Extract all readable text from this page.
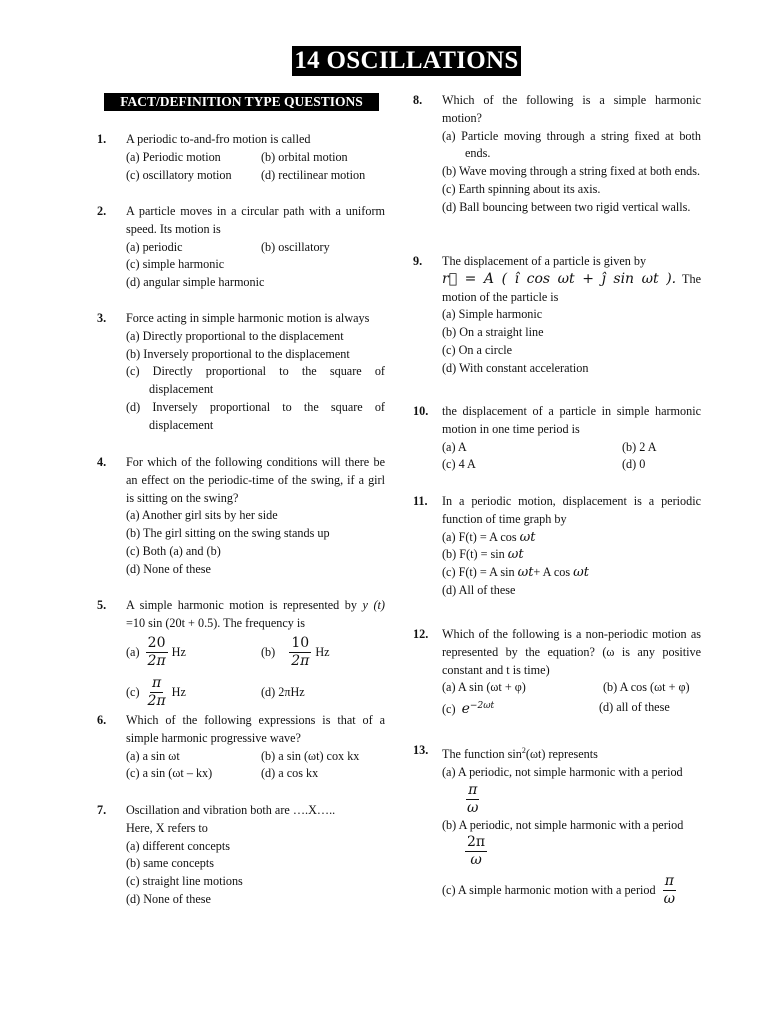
14 OSCILLATIONS
FACT/DEFINITION TYPE QUESTIONS
1. A periodic to-and-fro motion is called
(a) Periodic motion	(b) orbital motion
(c) oscillatory motion	(d) rectilinear motion
2. A particle moves in a circular path with a uniform speed. Its motion is
(a) periodic	(b) oscillatory
(c) simple harmonic
(d) angular simple harmonic
3. Force acting in simple harmonic motion is always
(a) Directly proportional to the displacement
(b) Inversely proportional to the displacement
(c) Directly proportional to the square of displacement
(d) Inversely proportional to the square of displacement
4. For which of the following conditions will there be an effect on the periodic-time of the swing, if a girl is sitting on the swing?
(a) Another girl sits by her side
(b) The girl sitting on the swing stands up
(c) Both (a) and (b)
(d) None of these
5. A simple harmonic motion is represented by y (t) =10 sin (20t + 0.5). The frequency is
$(a) \frac{20}{2\pi}$ Hz	$(b) \frac{10}{2\pi}$ Hz
$(c) \frac{\pi}{2\pi}$ Hz	(d) 2πHz
6. Which of the following expressions is that of a simple harmonic progressive wave?
(a) a sin ωt	(b) a sin (ωt) cox kx
(c) a sin (ωt – kx)	(d) a cos kx
7. Oscillation and vibration both are ….X…..
Here, X refers to
(a) different concepts
(b) same concepts
(c) straight line motions
(d) None of these
8. Which of the following is a simple harmonic motion?
(a) Particle moving through a string fixed at both ends.
(b) Wave moving through a string fixed at both ends.
(c) Earth spinning about its axis.
(d) Ball bouncing between two rigid vertical walls.
9. The displacement of a particle is given by
r⃗ = A ( î cos ωt + ĵ sin ωt ). The motion of the particle is
(a) Simple harmonic
(b) On a straight line
(c) On a circle
(d) With constant acceleration
10. the displacement of a particle in simple harmonic motion in one time period is
(a) A	(b) 2 A
(c) 4 A	(d) 0
11. In a periodic motion, displacement is a periodic function of time graph by
(a) F(t) = A cos ωt
(b) F(t) = sin ωt
(c) F(t) = A sin ωt+ A cos ωt
(d) All of these
12. Which of the following is a non-periodic motion as represented by the equation? (ω is any positive constant and t is time)
(a) A sin (ωt + φ)	(b) A cos (ωt + φ)
(c) $e^{-2\omega t}$	(d) all of these
13. The function $\sin^2(\omega t)$ represents
(a) A periodic, not simple harmonic with a period
$\frac{\pi}{\omega}$
(b) A periodic, not simple harmonic with a period
$\frac{2\pi}{\omega}$
(c) A simple harmonic motion with a period $\frac{\pi}{\omega}$
